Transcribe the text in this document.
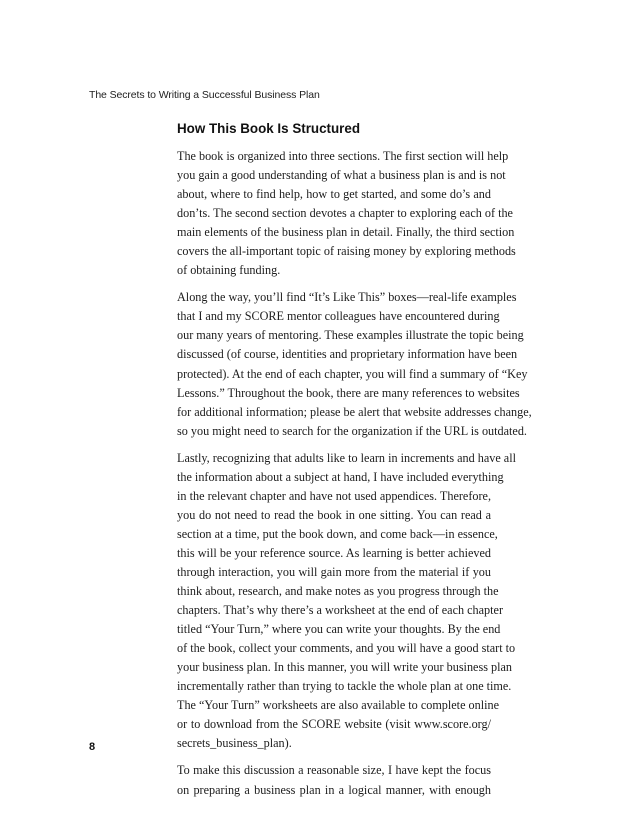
The Secrets to Writing a Successful Business Plan
How This Book Is Structured
The book is organized into three sections. The first section will help
you gain a good understanding of what a business plan is and is not
about, where to find help, how to get started, and some do’s and
don’ts. The second section devotes a chapter to exploring each of the
main elements of the business plan in detail. Finally, the third section
covers the all-important topic of raising money by exploring methods
of obtaining funding.
Along the way, you’ll find “It’s Like This” boxes—real-life examples
that I and my SCORE mentor colleagues have encountered during
our many years of mentoring. These examples illustrate the topic being
discussed (of course, identities and proprietary information have been
protected). At the end of each chapter, you will find a summary of “Key
Lessons.” Throughout the book, there are many references to websites
for additional information; please be alert that website addresses change,
so you might need to search for the organization if the URL is outdated.
Lastly, recognizing that adults like to learn in increments and have all
the information about a subject at hand, I have included everything
in the relevant chapter and have not used appendices. Therefore,
you do not need to read the book in one sitting. You can read a
section at a time, put the book down, and come back—in essence,
this will be your reference source. As learning is better achieved
through interaction, you will gain more from the material if you
think about, research, and make notes as you progress through the
chapters. That’s why there’s a worksheet at the end of each chapter
titled “Your Turn,” where you can write your thoughts. By the end
of the book, collect your comments, and you will have a good start to
your business plan. In this manner, you will write your business plan
incrementally rather than trying to tackle the whole plan at one time.
The “Your Turn” worksheets are also available to complete online
or to download from the SCORE website (visit www.score.org/
secrets_business_plan).
To make this discussion a reasonable size, I have kept the focus
on preparing a business plan in a logical manner, with enough
8
